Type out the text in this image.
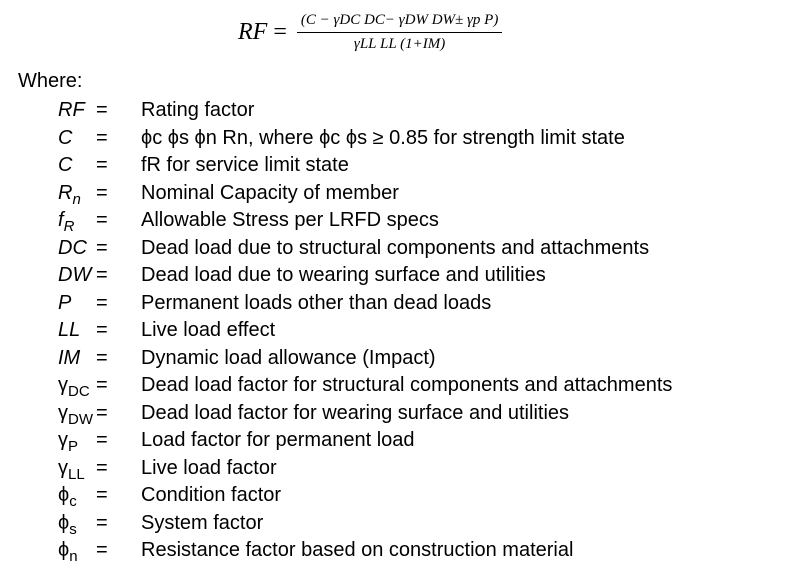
RF = $\frac{\text{(C − γDC DC− γDW DW± γp P)}}{\text{γLL LL (1+IM)}}$
Where:
RF = Rating factor
C = ϕc ϕs ϕn Rn, where ϕc ϕs ≥ 0.85 for strength limit state
C = fR for service limit state
$R_n$ = Nominal Capacity of member
$f_R$ = Allowable Stress per LRFD specs
DC = Dead load due to structural components and attachments
DW = Dead load due to wearing surface and utilities
P = Permanent loads other than dead loads
LL = Live load effect
IM = Dynamic load allowance (Impact)
$\gamma_{DC}$ = Dead load factor for structural components and attachments
$\gamma_{DW}$ = Dead load factor for wearing surface and utilities
$\gamma_P$ = Load factor for permanent load
$\gamma_{LL}$ = Live load factor
$\phi_c$ = Condition factor
$\phi_s$ = System factor
$\phi_n$ = Resistance factor based on construction material
